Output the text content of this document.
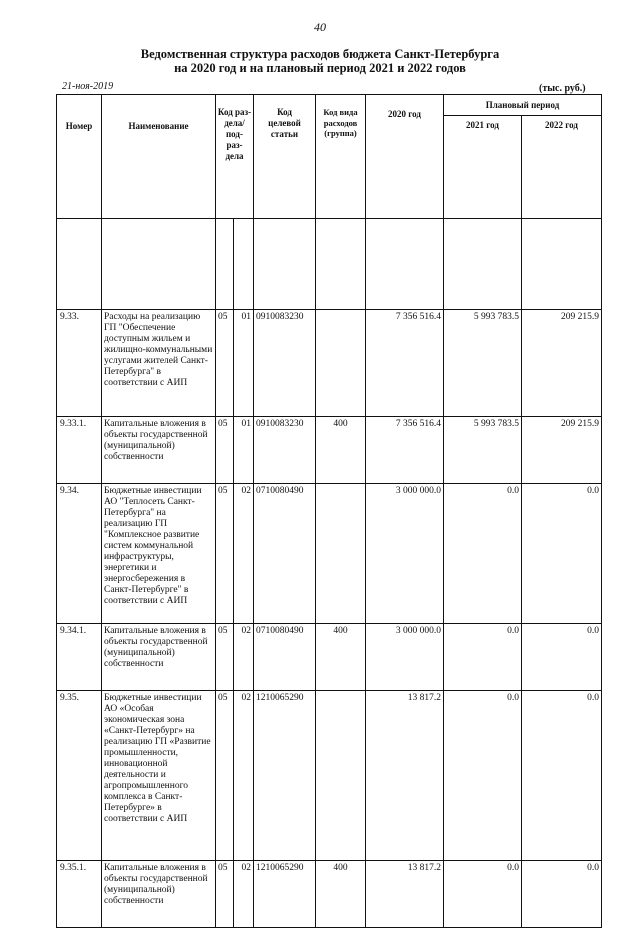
40
Ведомственная структура расходов бюджета Санкт-Петербурга
на 2020 год и на плановый период 2021 и 2022 годов
21-ноя-2019	(тыс. руб.)
Номер	Наименование	Код раз- дела/ под- раз- дела		Код целевой статьи	Код вида расходов (группа)	2020 год	Плановый период	
							2021 год	2022 год

9.33.	Расходы на реализацию ГП "Обеспечение доступным жильем и жилищно-коммунальными услугами жителей Санкт-Петербурга" в соответствии с АИП	05	01	0910083230		7 356 516.4	5 993 783.5	209 215.9
9.33.1.	Капитальные вложения в объекты государственной (муниципальной) собственности	05	01	0910083230	400	7 356 516.4	5 993 783.5	209 215.9
9.34.	Бюджетные инвестиции АО "Теплосеть Санкт-Петербурга" на реализацию ГП "Комплексное развитие систем коммунальной инфраструктуры, энергетики и энергосбережения в Санкт-Петербурге" в соответствии с АИП	05	02	0710080490		3 000 000.0	0.0	0.0
9.34.1.	Капитальные вложения в объекты государственной (муниципальной) собственности	05	02	0710080490	400	3 000 000.0	0.0	0.0
9.35.	Бюджетные инвестиции АО «Особая экономическая зона «Санкт-Петербург» на реализацию ГП «Развитие промышленности, инновационной деятельности и агропромышленного комплекса в Санкт-Петербурге» в соответствии с АИП	05	02	1210065290		13 817.2	0.0	0.0
9.35.1.	Капитальные вложения в объекты государственной (муниципальной) собственности	05	02	1210065290	400	13 817.2	0.0	0.0
